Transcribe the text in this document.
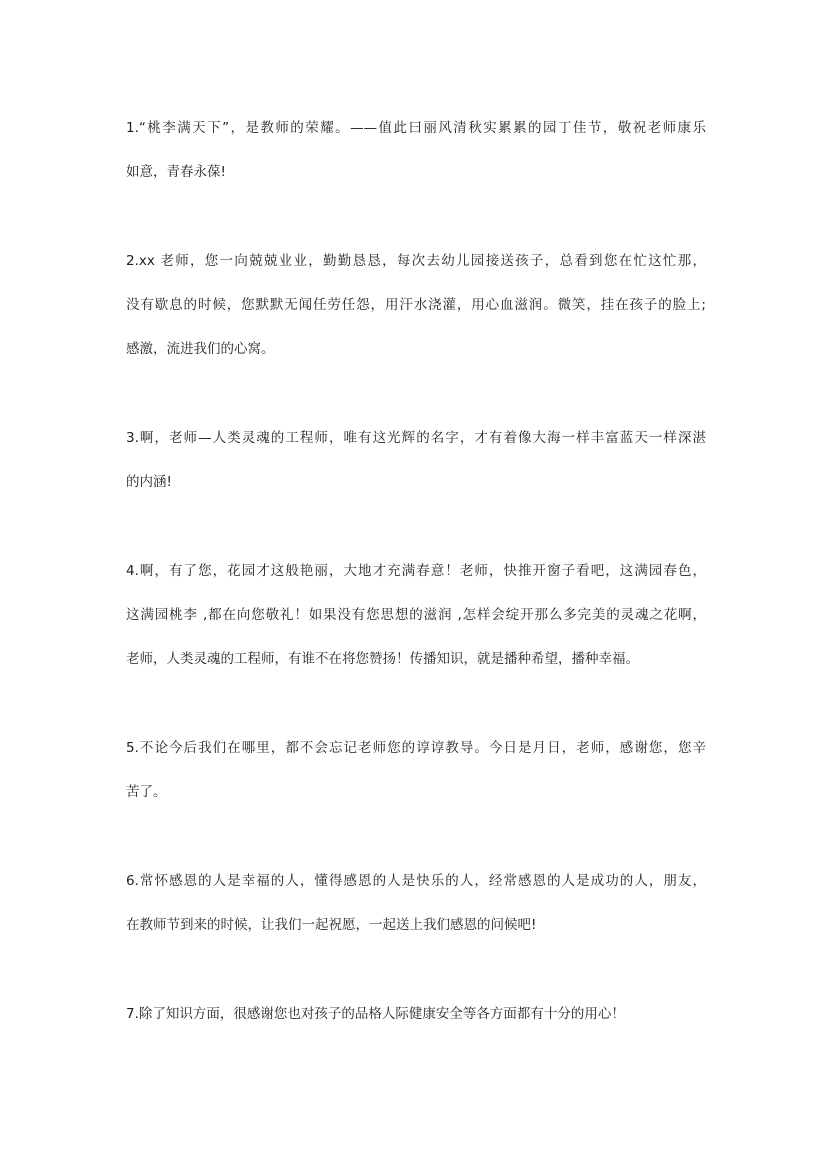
1.“桃李满天下”，是教师的荣耀。——值此曰丽风清秋实累累的园丁佳节，敬祝老师康乐
如意，青春永葆!
2.xx 老师，您一向兢兢业业，勤勤恳恳，每次去幼儿园接送孩子，总看到您在忙这忙那，
没有歇息的时候，您默默无闻任劳任怨，用汗水浇灌，用心血滋润。微笑，挂在孩子的脸上;
感激，流进我们的心窝。
3.啊，老师—人类灵魂的工程师，唯有这光辉的名字，才有着像大海一样丰富蓝天一样深湛
的内涵!
4.啊，有了您，花园才这般艳丽，大地才充满春意！老师，快推开窗子看吧，这满园春色，
这满园桃李 ,都在向您敬礼！如果没有您思想的滋润 ,怎样会绽开那么多完美的灵魂之花啊，
老师，人类灵魂的工程师，有谁不在将您赞扬！传播知识，就是播种希望，播种幸福。
5.不论今后我们在哪里，都不会忘记老师您的谆谆教导。今日是月日，老师，感谢您，您辛
苦了。
6.常怀感恩的人是幸福的人，懂得感恩的人是快乐的人，经常感恩的人是成功的人，朋友，
在教师节到来的时候，让我们一起祝愿，一起送上我们感恩的问候吧!
7.除了知识方面，很感谢您也对孩子的品格人际健康安全等各方面都有十分的用心！
